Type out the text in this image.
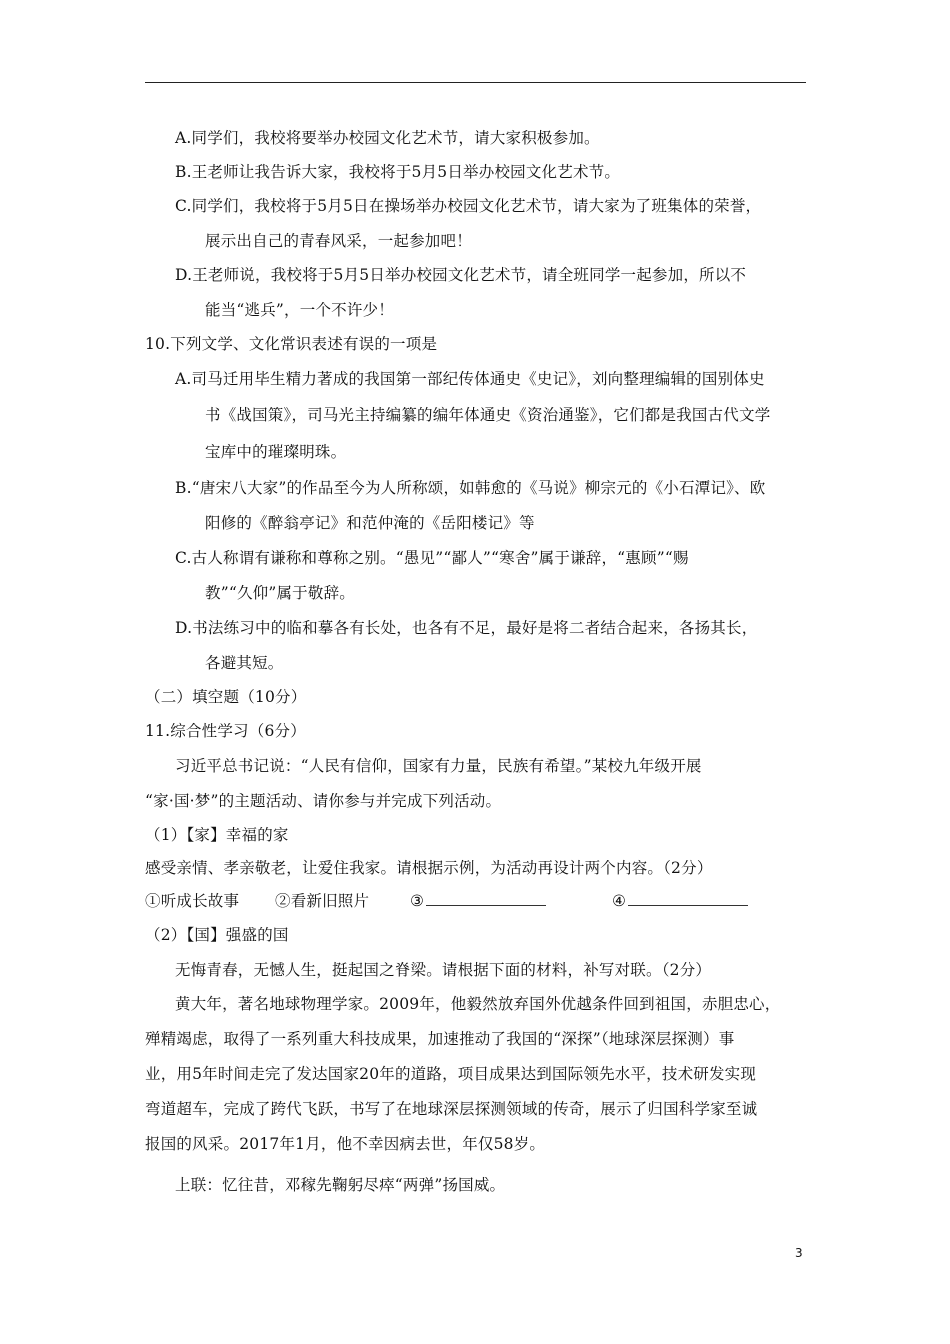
A.同学们，我校将要举办校园文化艺术节，请大家积极参加。
B.王老师让我告诉大家，我校将于5月5日举办校园文化艺术节。
C.同学们，我校将于5月5日在操场举办校园文化艺术节，请大家为了班集体的荣誉，
展示出自己的青春风采，一起参加吧！
D.王老师说，我校将于5月5日举办校园文化艺术节，请全班同学一起参加，所以不
能当“逃兵”，一个不许少！
10.下列文学、文化常识表述有误的一项是
A.司马迁用毕生精力著成的我国第一部纪传体通史《史记》，刘向整理编辑的国别体史
书《战国策》，司马光主持编纂的编年体通史《资治通鉴》，它们都是我国古代文学
宝库中的璀璨明珠。
B.“唐宋八大家”的作品至今为人所称颂，如韩愈的《马说》柳宗元的《小石潭记》、欧
阳修的《醉翁亭记》和范仲淹的《岳阳楼记》等
C.古人称谓有谦称和尊称之别。“愚见”“鄙人”“寒舍”属于谦辞，“惠顾”“赐
教”“久仰”属于敬辞。
D.书法练习中的临和摹各有长处，也各有不足，最好是将二者结合起来，各扬其长，
各避其短。
（二）填空题（10分）
11.综合性学习（6分）
习近平总书记说：“人民有信仰，国家有力量，民族有希望。”某校九年级开展
“家·国·梦”的主题活动、请你参与并完成下列活动。
（1）【家】幸福的家
感受亲情、孝亲敬老，让爱住我家。请根据示例，为活动再设计两个内容。（2分）
①听成长故事 ②看新旧照片	③	④
（2）【国】强盛的国
无悔青春，无憾人生，挺起国之脊梁。请根据下面的材料，补写对联。（2分）
黄大年，著名地球物理学家。2009年，他毅然放弃国外优越条件回到祖国，赤胆忠心，
殚精竭虑，取得了一系列重大科技成果，加速推动了我国的“深探”（地球深层探测）事
业，用5年时间走完了发达国家20年的道路，项目成果达到国际领先水平，技术研发实现
弯道超车，完成了跨代飞跃，书写了在地球深层探测领域的传奇，展示了归国科学家至诚
报国的风采。2017年1月，他不幸因病去世，年仅58岁。
上联：忆往昔，邓稼先鞠躬尽瘁“两弹”扬国威。
3
